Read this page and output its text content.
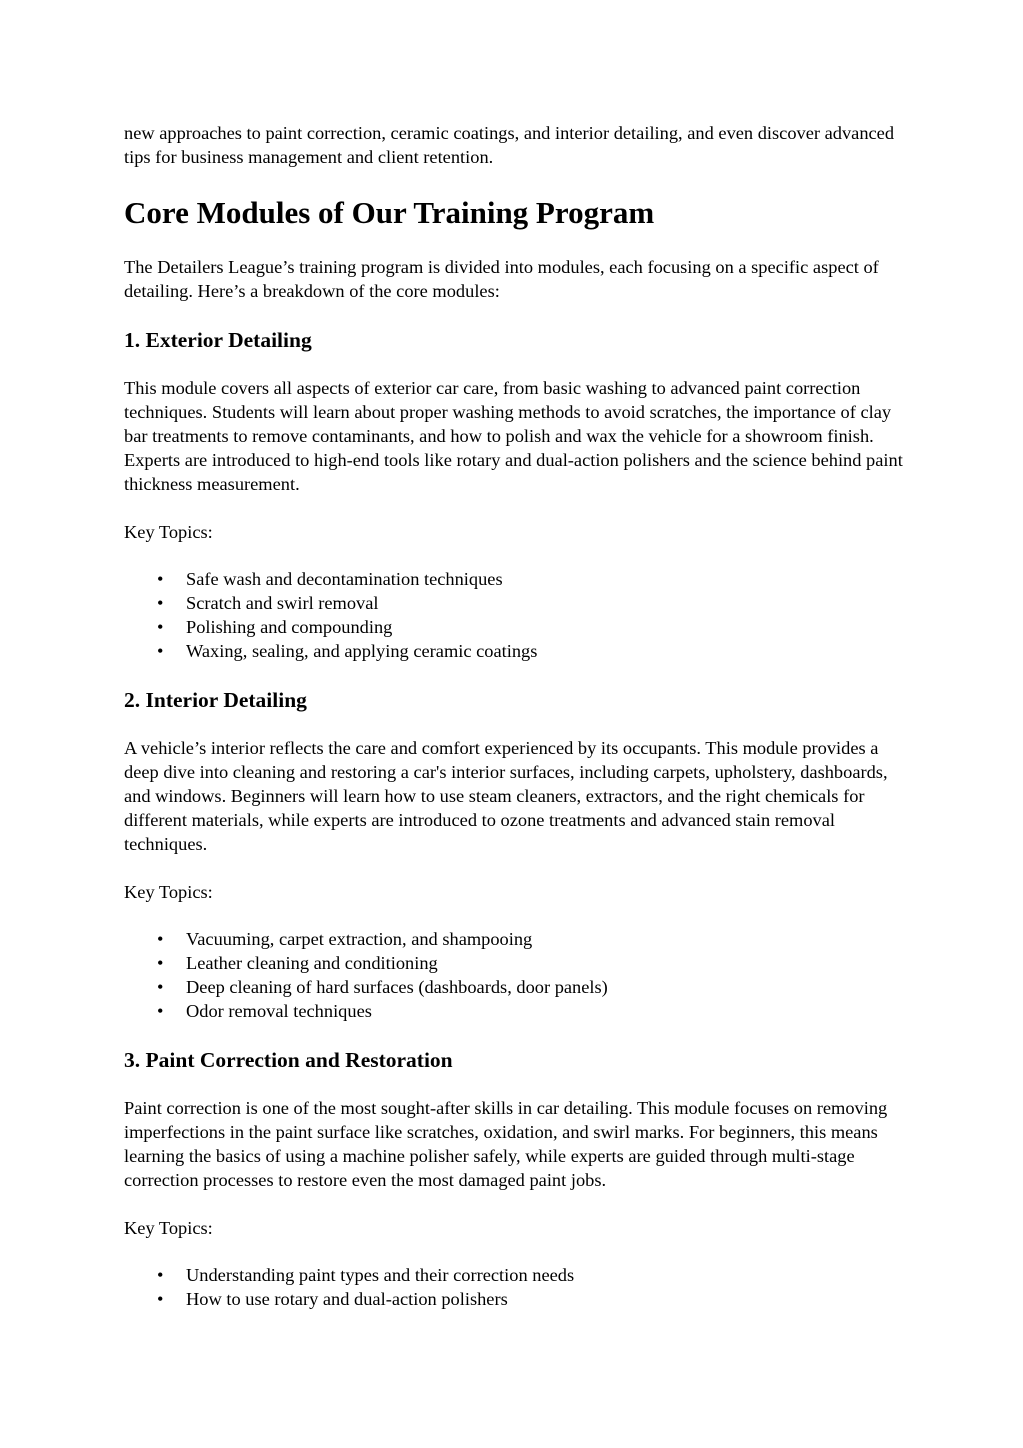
new approaches to paint correction, ceramic coatings, and interior detailing, and even discover advanced tips for business management and client retention.

Core Modules of Our Training Program

The Detailers League’s training program is divided into modules, each focusing on a specific aspect of detailing. Here’s a breakdown of the core modules:

1. Exterior Detailing

This module covers all aspects of exterior car care, from basic washing to advanced paint correction techniques. Students will learn about proper washing methods to avoid scratches, the importance of clay bar treatments to remove contaminants, and how to polish and wax the vehicle for a showroom finish. Experts are introduced to high-end tools like rotary and dual-action polishers and the science behind paint thickness measurement.

Key Topics:

• Safe wash and decontamination techniques
• Scratch and swirl removal
• Polishing and compounding
• Waxing, sealing, and applying ceramic coatings
2. Interior Detailing

A vehicle’s interior reflects the care and comfort experienced by its occupants. This module provides a deep dive into cleaning and restoring a car's interior surfaces, including carpets, upholstery, dashboards, and windows. Beginners will learn how to use steam cleaners, extractors, and the right chemicals for different materials, while experts are introduced to ozone treatments and advanced stain removal techniques.

Key Topics:

• Vacuuming, carpet extraction, and shampooing
• Leather cleaning and conditioning
• Deep cleaning of hard surfaces (dashboards, door panels)
• Odor removal techniques
3. Paint Correction and Restoration

Paint correction is one of the most sought-after skills in car detailing. This module focuses on removing imperfections in the paint surface like scratches, oxidation, and swirl marks. For beginners, this means learning the basics of using a machine polisher safely, while experts are guided through multi-stage correction processes to restore even the most damaged paint jobs.

Key Topics:

• Understanding paint types and their correction needs
• How to use rotary and dual-action polishers
